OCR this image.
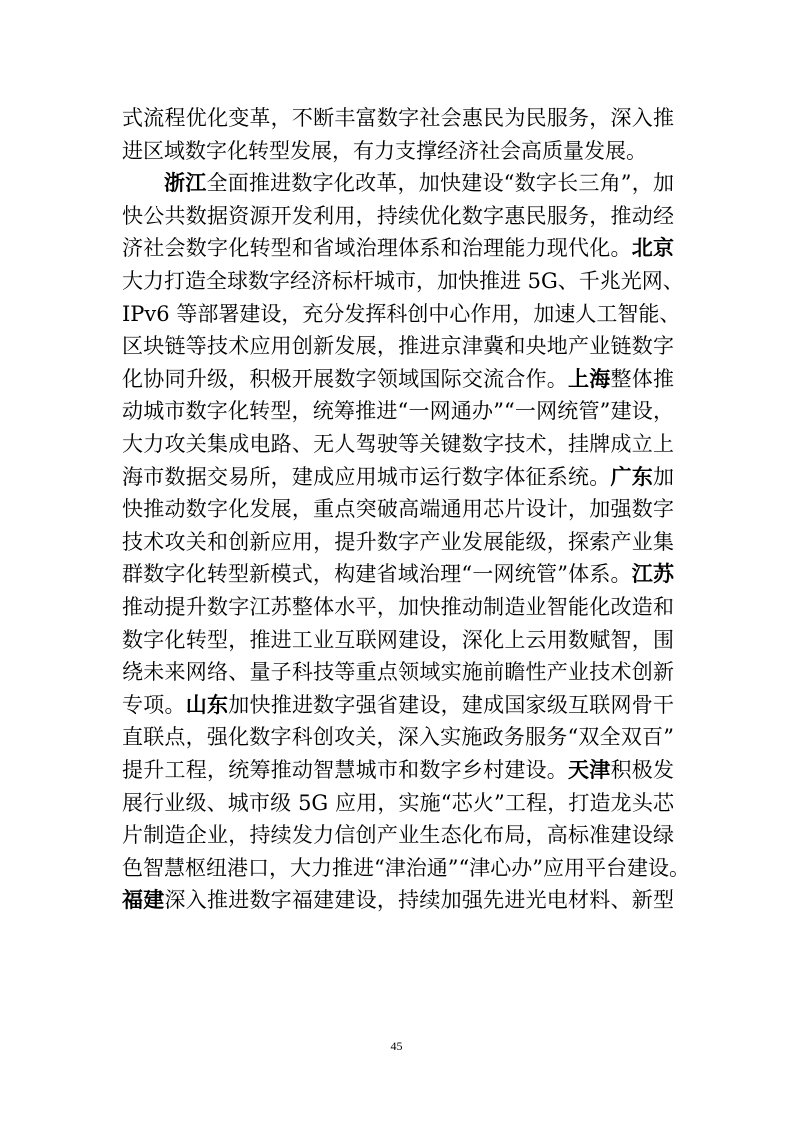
式流程优化变革，不断丰富数字社会惠民为民服务，深入推
进区域数字化转型发展，有力支撑经济社会高质量发展。
浙江全面推进数字化改革，加快建设“数字长三角”，加
快公共数据资源开发利用，持续优化数字惠民服务，推动经
济社会数字化转型和省域治理体系和治理能力现代化。北京
大力打造全球数字经济标杆城市，加快推进 5G、千兆光网、
IPv6 等部署建设，充分发挥科创中心作用，加速人工智能、
区块链等技术应用创新发展，推进京津冀和央地产业链数字
化协同升级，积极开展数字领域国际交流合作。上海整体推
动城市数字化转型，统筹推进“一网通办”“一网统管”建设，
大力攻关集成电路、无人驾驶等关键数字技术，挂牌成立上
海市数据交易所，建成应用城市运行数字体征系统。广东加
快推动数字化发展，重点突破高端通用芯片设计，加强数字
技术攻关和创新应用，提升数字产业发展能级，探索产业集
群数字化转型新模式，构建省域治理“一网统管”体系。江苏
推动提升数字江苏整体水平，加快推动制造业智能化改造和
数字化转型，推进工业互联网建设，深化上云用数赋智，围
绕未来网络、量子科技等重点领域实施前瞻性产业技术创新
专项。山东加快推进数字强省建设，建成国家级互联网骨干
直联点，强化数字科创攻关，深入实施政务服务“双全双百”
提升工程，统筹推动智慧城市和数字乡村建设。天津积极发
展行业级、城市级 5G 应用，实施“芯火”工程，打造龙头芯
片制造企业，持续发力信创产业生态化布局，高标准建设绿
色智慧枢纽港口，大力推进“津治通”“津心办”应用平台建设。
福建深入推进数字福建建设，持续加强先进光电材料、新型
45
